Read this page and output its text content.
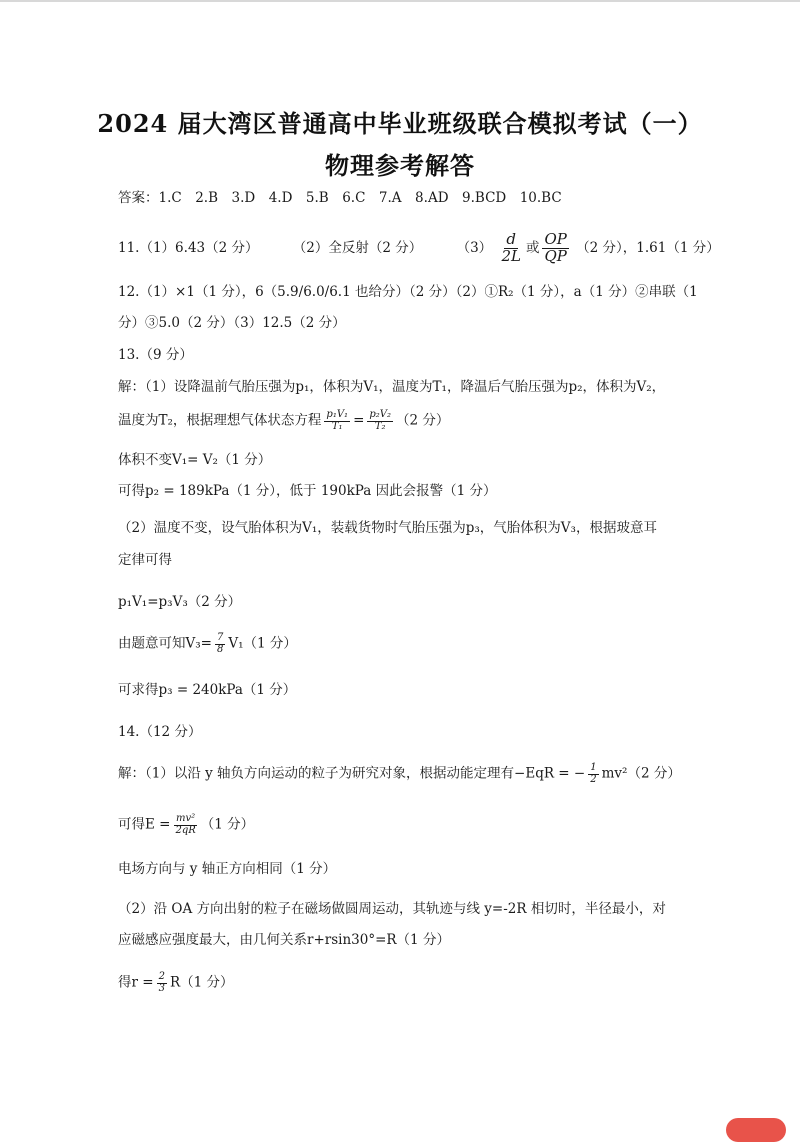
2024 届大湾区普通高中毕业班级联合模拟考试（一）
物理参考解答
答案：1.C　2.B　3.D　4.D　5.B　6.C　7.A　8.AD　9.BCD　10.BC
11.（1）6.43（2 分）	（2）全反射（2 分）	$(3) \frac{d}{2L}$ 或 $\frac{OP}{QP} (2$ 分），1.61（1 分）
12.（1）×1（1 分），6（5.9/6.0/6.1 也给分）（2 分）（2）①R₂（1 分），a（1 分）②串联（1
分）③5.0（2 分）（3）12.5（2 分）
13.（9 分）
解：（1）设降温前气胎压强为p₁，体积为V₁，温度为T₁，降温后气胎压强为p₂，体积为V₂，
温度为T₂，根据理想气体状态方程 $\frac{\text{p₁V₁}}{\text{T₁}} = \frac{\text{p₂V₂}}{\text{T₂}} (2$ 分）
体积不变V₁= V₂（1 分）
可得p₂ = 189kPa（1 分），低于 190kPa 因此会报警（1 分）
（2）温度不变，设气胎体积为V₁，装载货物时气胎压强为p₃，气胎体积为V₃，根据玻意耳
定律可得
p₁V₁=p₃V₃（2 分）
由题意可知$V_3= \frac{7}{8} V_1(1$ 分）
可求得p₃ = 240kPa（1 分）
14.（12 分）
解：（1）以沿 y 轴负方向运动的粒子为研究对象，根据动能定理有−EqR = − $\frac{1}{2} mv^2(2$ 分）
可得$E = \frac{\text{mv²}}{2qR} (1$ 分）
电场方向与 y 轴正方向相同（1 分）
（2）沿 OA 方向出射的粒子在磁场做圆周运动，其轨迹与线 y=-2R 相切时，半径最小，对
应磁感应强度最大，由几何关系r+rsin30°=R（1 分）
得$r = \frac{2}{3} R(1$ 分）
